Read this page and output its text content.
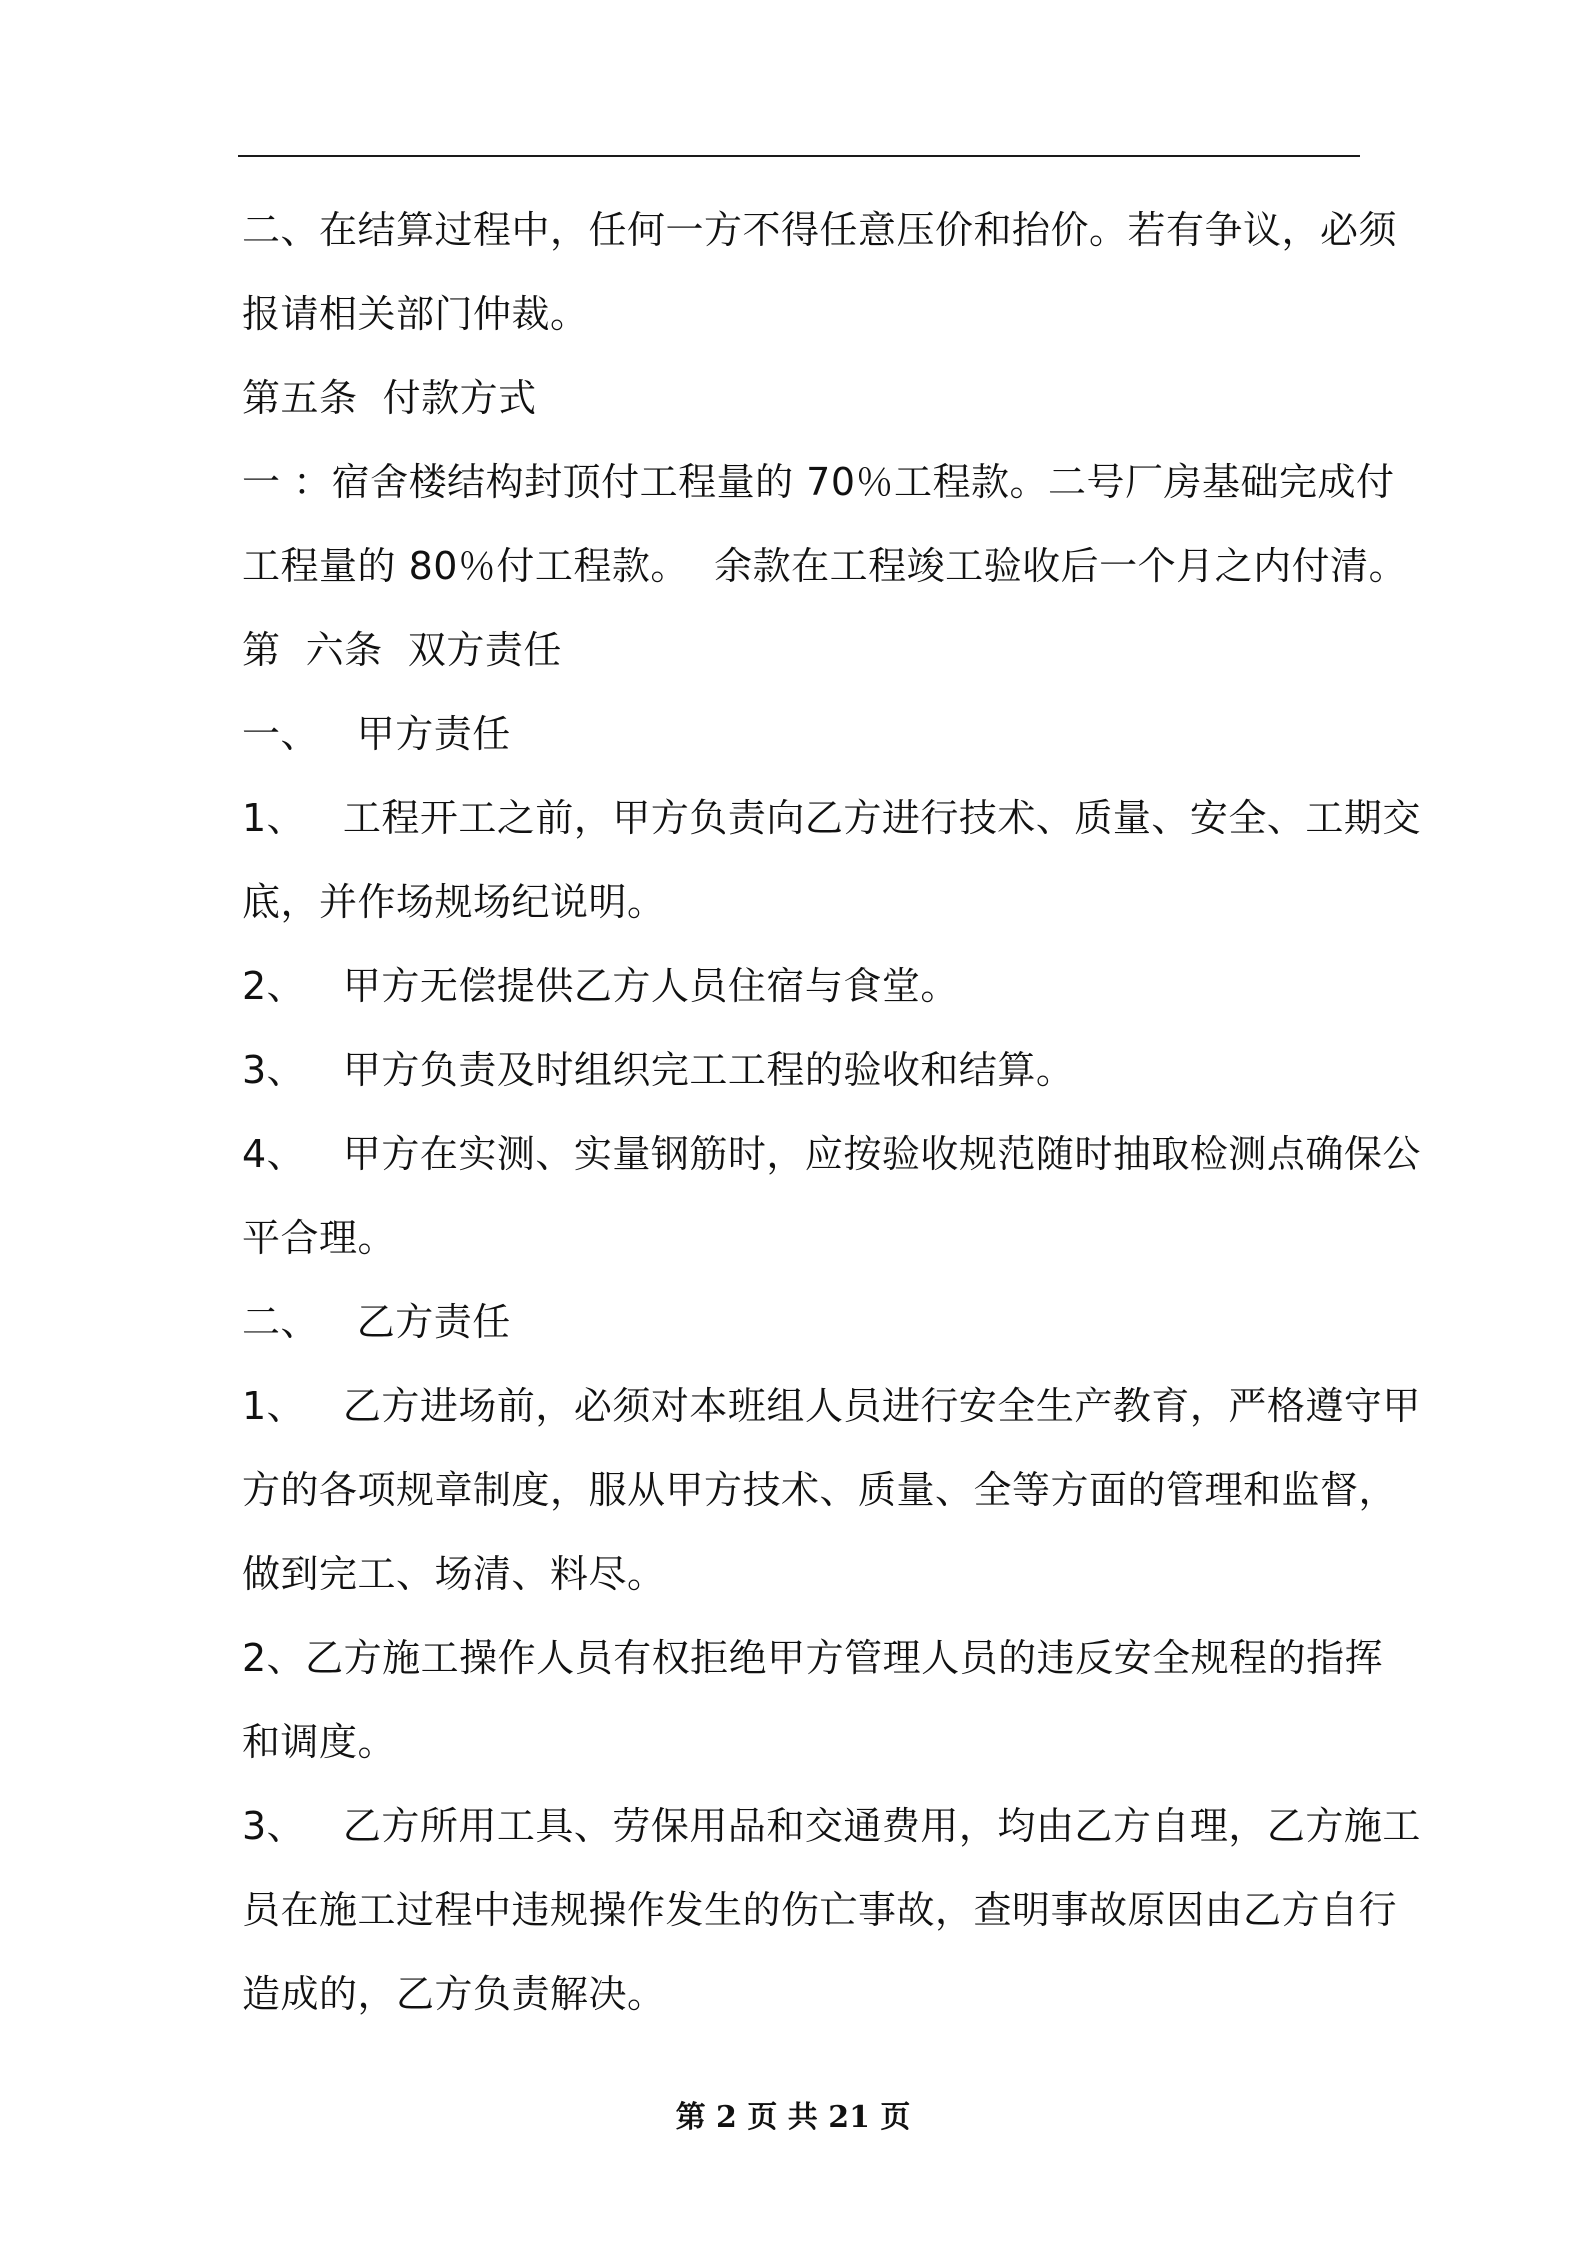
二、在结算过程中，任何一方不得任意压价和抬价。若有争议，必须
报请相关部门仲裁。
第五条  付款方式
一 ：宿舍楼结构封顶付工程量的 70％工程款。二号厂房基础完成付
工程量的 80％付工程款。  余款在工程竣工验收后一个月之内付清。
第  六条  双方责任
一、   甲方责任
1、   工程开工之前，甲方负责向乙方进行技术、质量、安全、工期交
底，并作场规场纪说明。
2、   甲方无偿提供乙方人员住宿与食堂。
3、   甲方负责及时组织完工工程的验收和结算。
4、   甲方在实测、实量钢筋时，应按验收规范随时抽取检测点确保公
平合理。
二、   乙方责任
1、   乙方进场前，必须对本班组人员进行安全生产教育，严格遵守甲
方的各项规章制度，服从甲方技术、质量、全等方面的管理和监督，
做到完工、场清、料尽。
2、乙方施工操作人员有权拒绝甲方管理人员的违反安全规程的指挥
和调度。
3、   乙方所用工具、劳保用品和交通费用，均由乙方自理，乙方施工
员在施工过程中违规操作发生的伤亡事故，查明事故原因由乙方自行
造成的，乙方负责解决。
第 2 页 共 21 页
